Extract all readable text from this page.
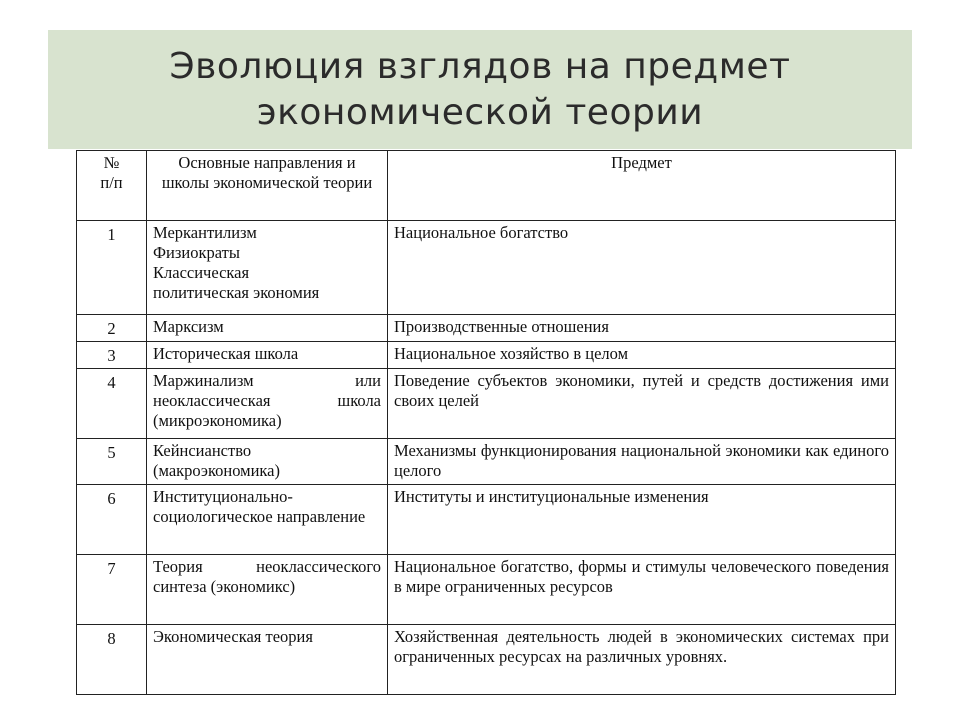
Эволюция взглядов на предмет
экономической теории
№
п/п	Основные направления и школы экономической теории	Предмет
1	Меркантилизм
Физиократы
Классическая
политическая экономия	Национальное богатство
2	Марксизм	Производственные отношения
3	Историческая школа	Национальное хозяйство в целом
4	Маржинализм или неоклассическая школа (микроэкономика)	Поведение субъектов экономики, путей и средств достижения ими своих целей
5	Кейнсианство (макроэкономика)	Механизмы функционирования национальной экономики как единого целого
6	Институционально-социологическое направление	Институты и институциональные изменения
7	Теория неоклассического синтеза (экономикс)	Национальное богатство, формы и стимулы человеческого поведения в мире ограниченных ресурсов
8	Экономическая теория	Хозяйственная деятельность людей в экономических системах при ограниченных ресурсах на различных уровнях.
